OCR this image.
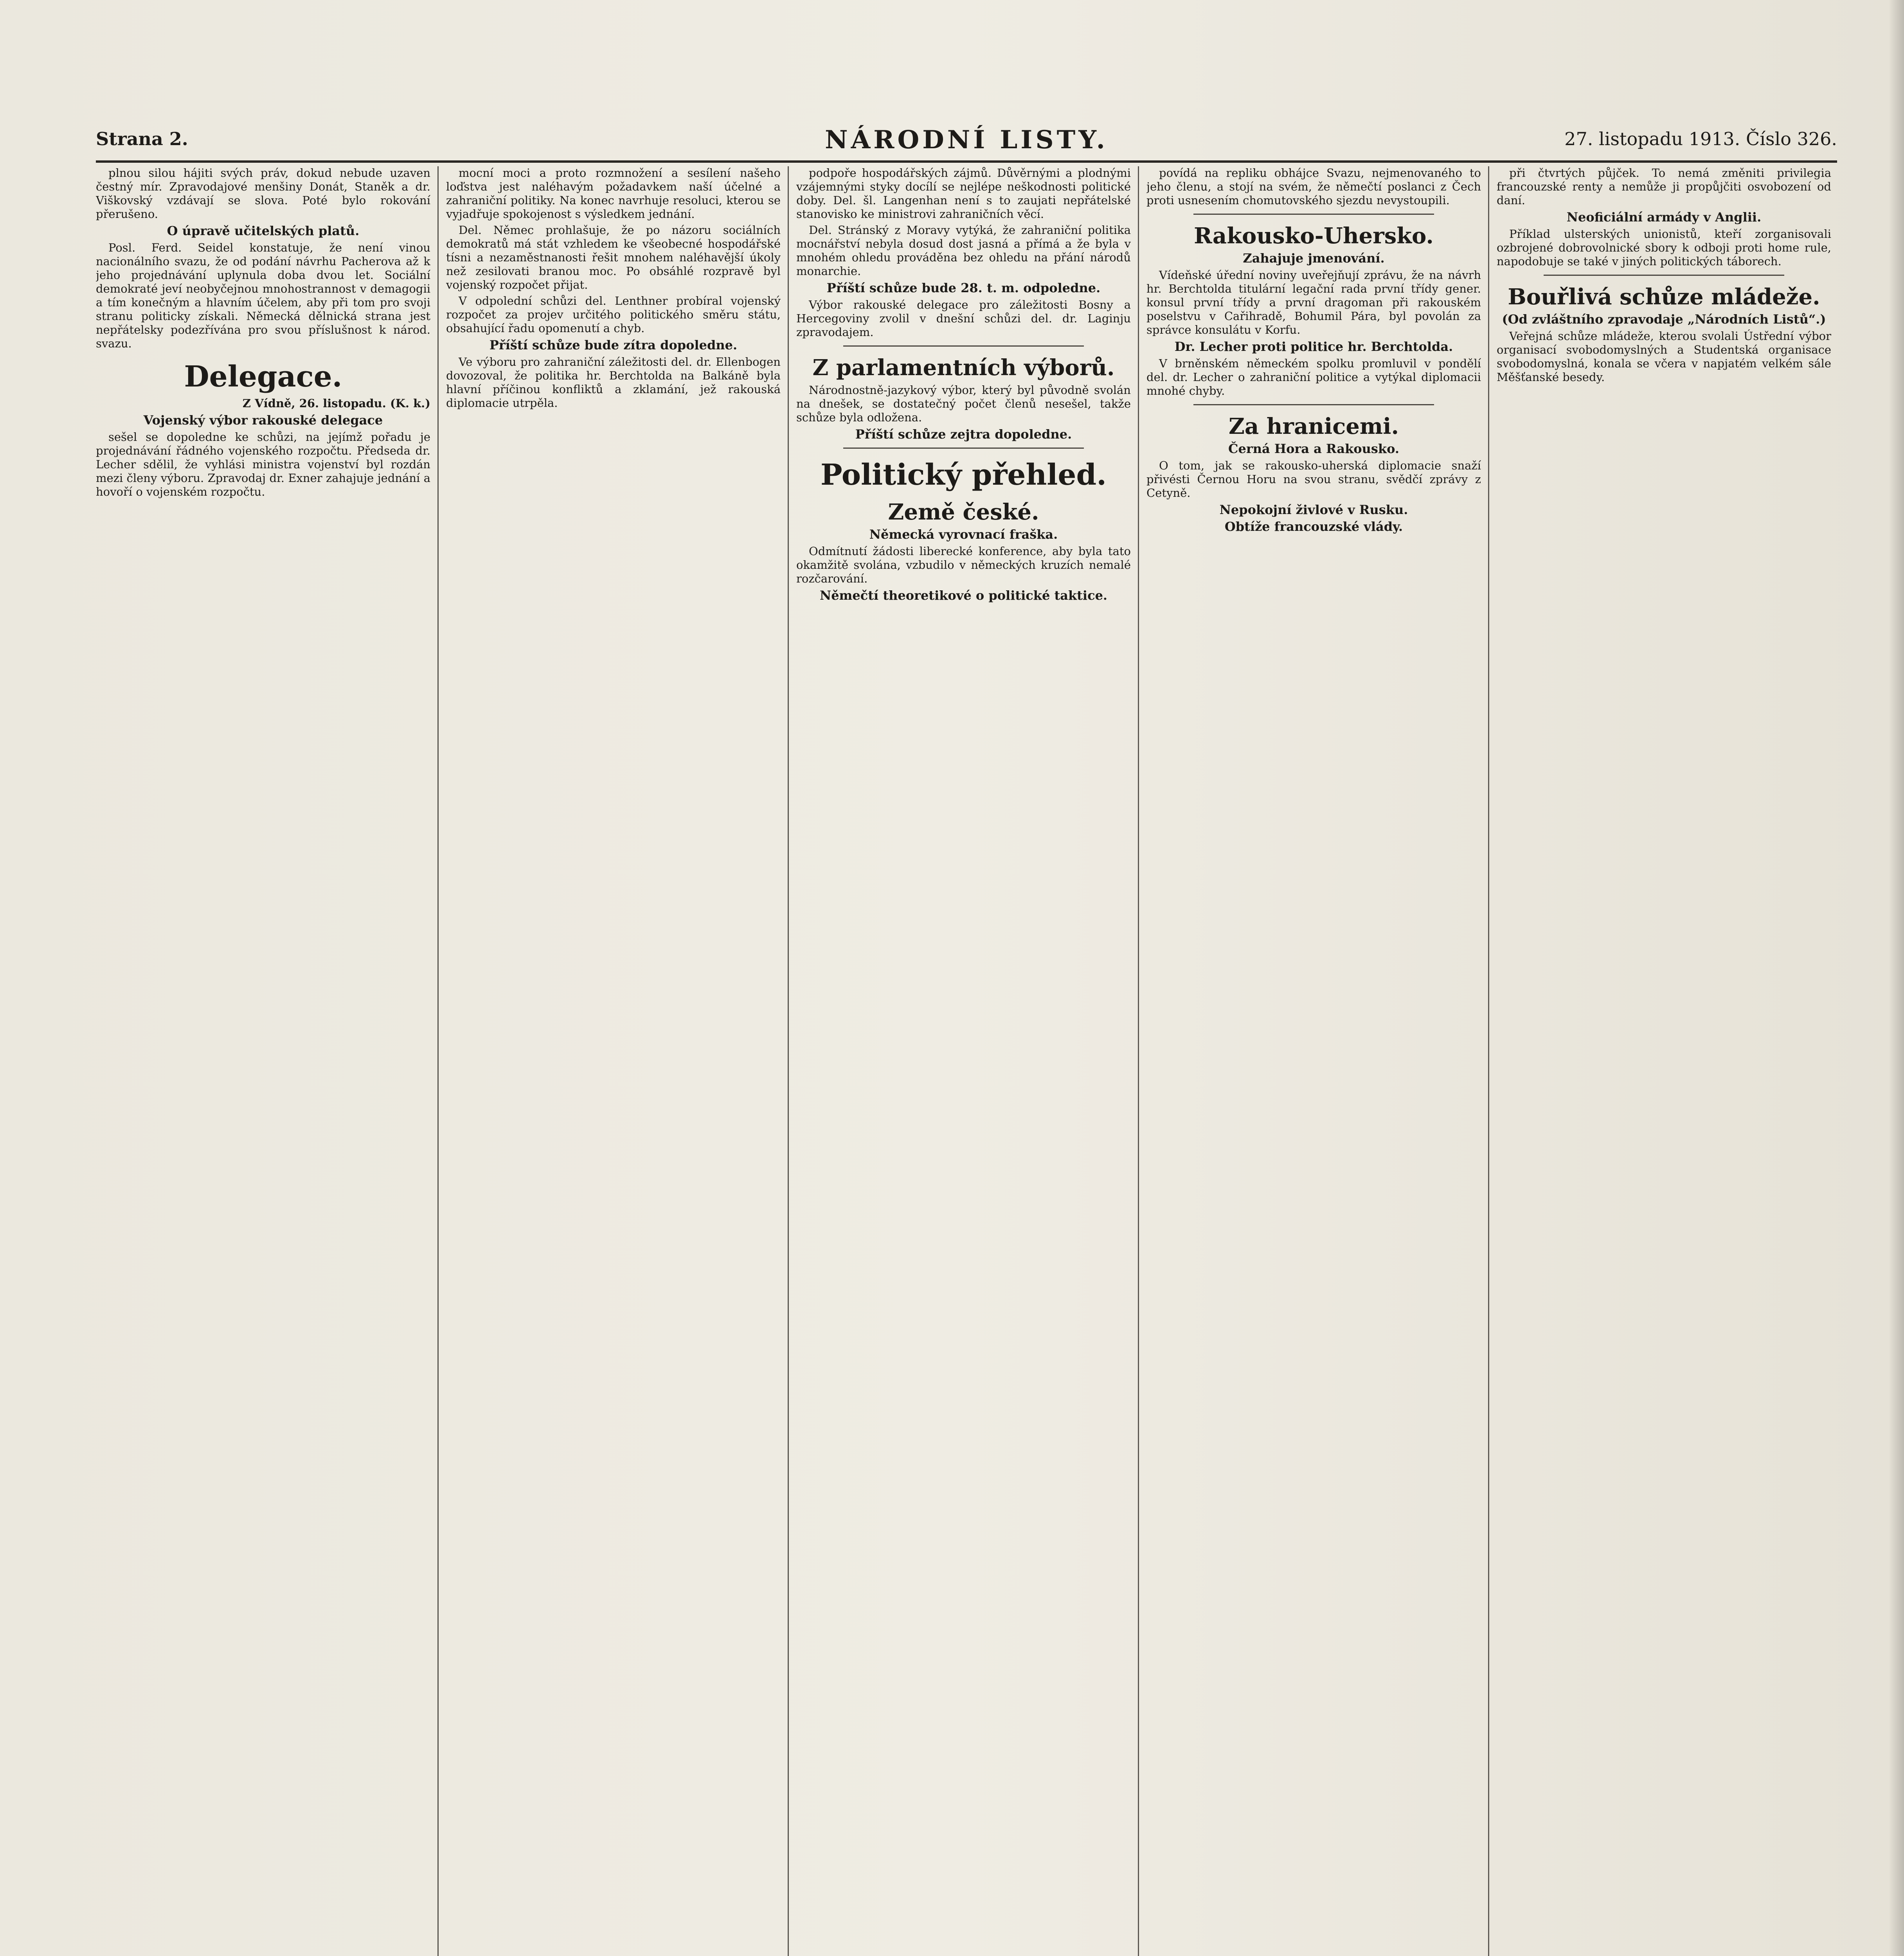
Strana 2.	NÁRODNÍ LISTY.	27. listopadu 1913. Číslo 326.

plnou silou hájiti svých práv, dokud nebude uzaven čestný mír. Zpravodajové menšiny Donát, Staněk a dr. Viškovský vzdávají se slova. Poté bylo rokování přerušeno.

O úpravě učitelských platů.

Posl. Ferd. Seidel konstatuje, že není vinou nacionálního svazu, že od podání návrhu Pacherova až k jeho projednávání uplynula doba dvou let. Sociální demokraté jeví neobyčejnou mnohostrannost v demagogii a tím konečným a hlavním účelem, aby při tom pro svoji stranu politicky získali. Německá dělnická strana jest nepřátelsky podezřívána pro svou příslušnost k národ. svazu.

Delegace.
Z Vídně, 26. listopadu. (K. k.)
Vojenský výbor rakouské delegace

sešel se dopoledne ke schůzi, na jejímž pořadu je projednávání řádného vojenského rozpočtu. Předseda dr. Lecher sdělil, že vyhlási ministra vojenství byl rozdán mezi členy výboru. Zpravodaj dr. Exner zahajuje jednání a hovoří o vojenském rozpočtu.

mocní moci a proto rozmnožení a sesílení našeho loďstva jest naléhavým požadavkem naší účelné a zahraniční politiky. Na konec navrhuje resoluci, kterou se vyjadřuje spokojenost s výsledkem jednání.

Del. Němec prohlašuje, že po názoru sociálních demokratů má stát vzhledem ke všeobecné hospodářské tísni a nezaměstnanosti řešit mnohem naléhavější úkoly než zesilovati branou moc. Po obsáhlé rozpravě byl vojenský rozpočet přijat.

V odpolední schůzi del. Lenthner probíral vojenský rozpočet za projev určitého politického směru státu, obsahující řadu opomenutí a chyb.

Příští schůze bude zítra dopoledne.

Ve výboru pro zahraniční záležitosti del. dr. Ellenbogen dovozoval, že politika hr. Berchtolda na Balkáně byla hlavní příčinou konfliktů a zklamání, jež rakouská diplomacie utrpěla.

podpoře hospodářských zájmů. Důvěrnými a plodnými vzájemnými styky docílí se nejlépe neškodnosti politické doby. Del. šl. Langenhan není s to zaujati nepřátelské stanovisko ke ministrovi zahraničních věcí.

Del. Stránský z Moravy vytýká, že zahraniční politika mocnářství nebyla dosud dost jasná a přímá a že byla v mnohém ohledu prováděna bez ohledu na přání národů monarchie.

Příští schůze bude 28. t. m. odpoledne.

Výbor rakouské delegace pro záležitosti Bosny a Hercegoviny zvolil v dnešní schůzi del. dr. Laginju zpravodajem.

Z parlamentních výborů.

Národnostně-jazykový výbor, který byl původně svolán na dnešek, se dostatečný počet členů nesešel, takže schůze byla odložena.

Příští schůze zejtra dopoledne.
Politický přehled.
Země české.
Německá vyrovnací fraška.

Odmítnutí žádosti liberecké konference, aby byla tato okamžitě svolána, vzbudilo v německých kruzích nemalé rozčarování.

Němečtí theoretikové o politické taktice.

povídá na repliku obhájce Svazu, nejmenovaného to jeho členu, a stojí na svém, že němečtí poslanci z Čech proti usnesením chomutovského sjezdu nevystoupili.

Rakousko-Uhersko.
Zahajuje jmenování.

Vídeňské úřední noviny uveřejňují zprávu, že na návrh hr. Berchtolda titulární legační rada první třídy gener. konsul první třídy a první dragoman při rakouském poselstvu v Cařihradě, Bohumil Pára, byl povolán za správce konsulátu v Korfu.

Dr. Lecher proti politice hr. Berchtolda.

V brněnském německém spolku promluvil v pondělí del. dr. Lecher o zahraniční politice a vytýkal diplomacii mnohé chyby.

Za hranicemi.
Černá Hora a Rakousko.

O tom, jak se rakousko-uherská diplomacie snaží přivésti Černou Horu na svou stranu, svědčí zprávy z Cetyně.

Nepokojní živlové v Rusku.
Obtíže francouzské vlády.

při čtvrtých půjček. To nemá změniti privilegia francouzské renty a nemůže ji propůjčiti osvobození od daní.

Neoficiální armády v Anglii.

Příklad ulsterských unionistů, kteří zorganisovali ozbrojené dobrovolnické sbory k odboji proti home rule, napodobuje se také v jiných politických táborech.

Bouřlivá schůze mládeže.
(Od zvláštního zpravodaje „Národních Listů“.)

Veřejná schůze mládeže, kterou svolali Ústřední výbor organisací svobodomyslných a Studentská organisace svobodomyslná, konala se včera v napjatém velkém sále Měšťanské besedy.
